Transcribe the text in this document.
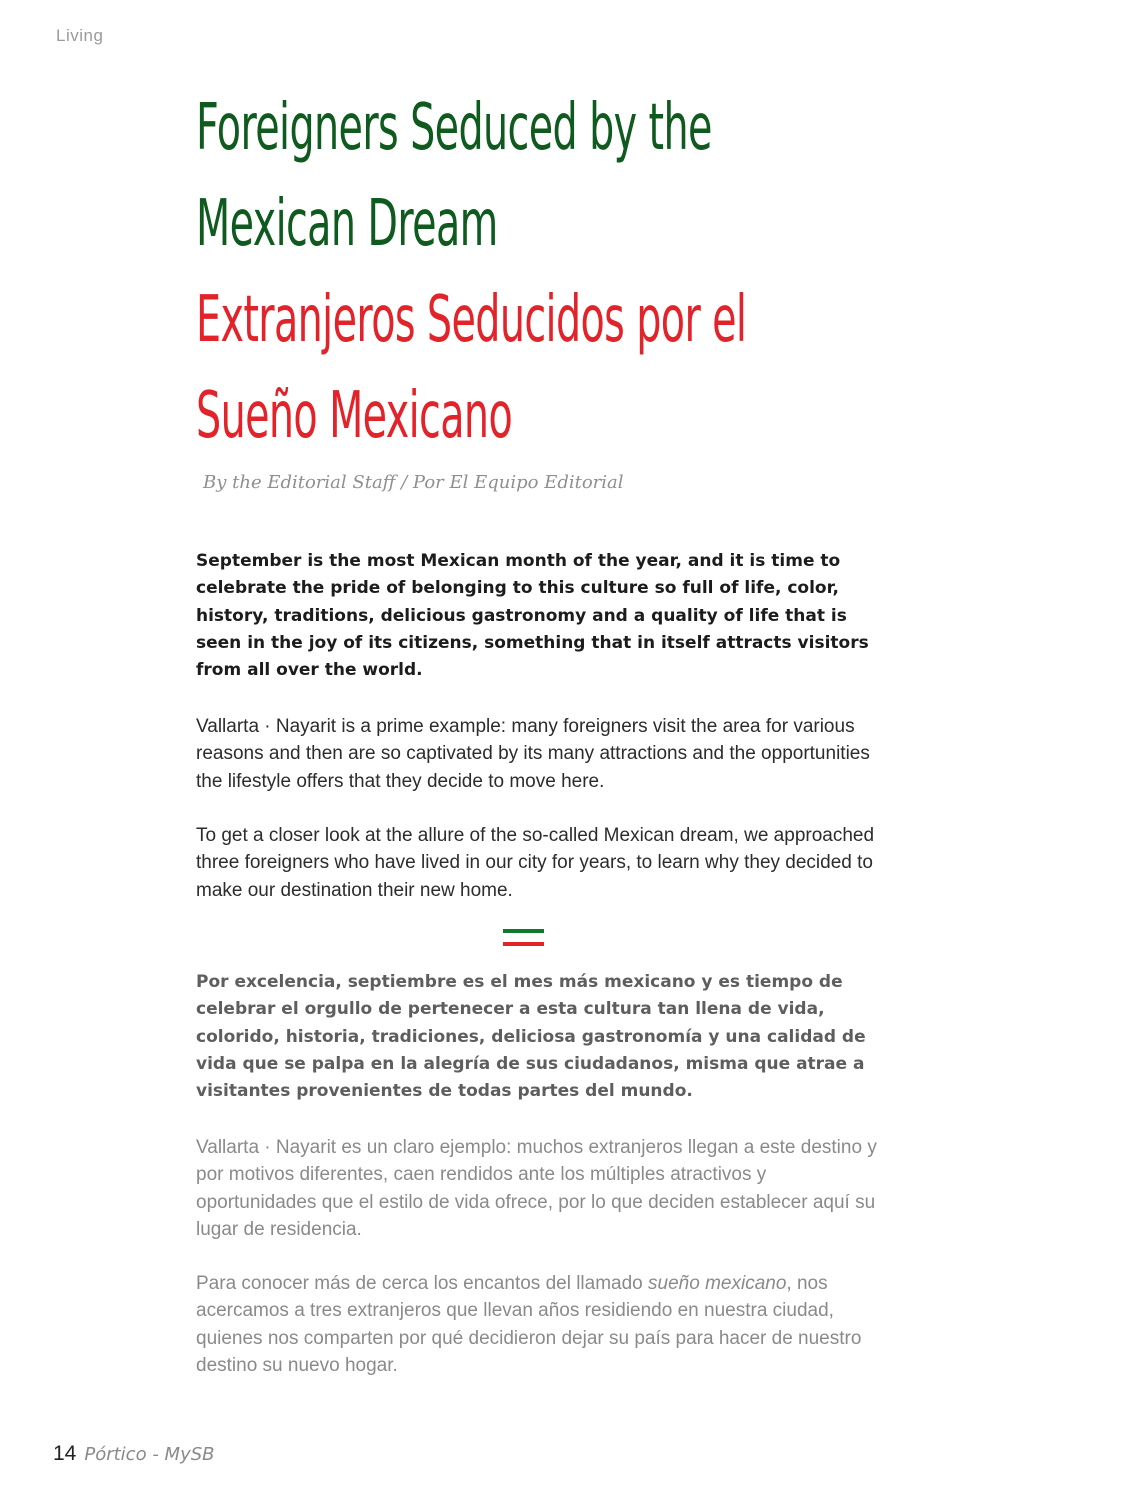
Living
Foreigners Seduced by the
Mexican Dream
Extranjeros Seducidos por el
Sueño Mexicano
By the Editorial Staff / Por El Equipo Editorial

September is the most Mexican month of the year, and it is time to celebrate the pride of belonging to this culture so full of life, color, history, traditions, delicious gastronomy and a quality of life that is seen in the joy of its citizens, something that in itself attracts visitors from all over the world.

Vallarta · Nayarit is a prime example: many foreigners visit the area for various reasons and then are so captivated by its many attractions and the opportunities the lifestyle offers that they decide to move here.

To get a closer look at the allure of the so-called Mexican dream, we approached three foreigners who have lived in our city for years, to learn why they decided to make our destination their new home.

Por excelencia, septiembre es el mes más mexicano y es tiempo de celebrar el orgullo de pertenecer a esta cultura tan llena de vida, colorido, historia, tradiciones, deliciosa gastronomía y una calidad de vida que se palpa en la alegría de sus ciudadanos, misma que atrae a visitantes provenientes de todas partes del mundo.

Vallarta · Nayarit es un claro ejemplo: muchos extranjeros llegan a este destino y por motivos diferentes, caen rendidos ante los múltiples atractivos y oportunidades que el estilo de vida ofrece, por lo que deciden establecer aquí su lugar de residencia.

Para conocer más de cerca los encantos del llamado sueño mexicano, nos acercamos a tres extranjeros que llevan años residiendo en nuestra ciudad, quienes nos comparten por qué decidieron dejar su país para hacer de nuestro destino su nuevo hogar.

14 Pórtico - MySB
